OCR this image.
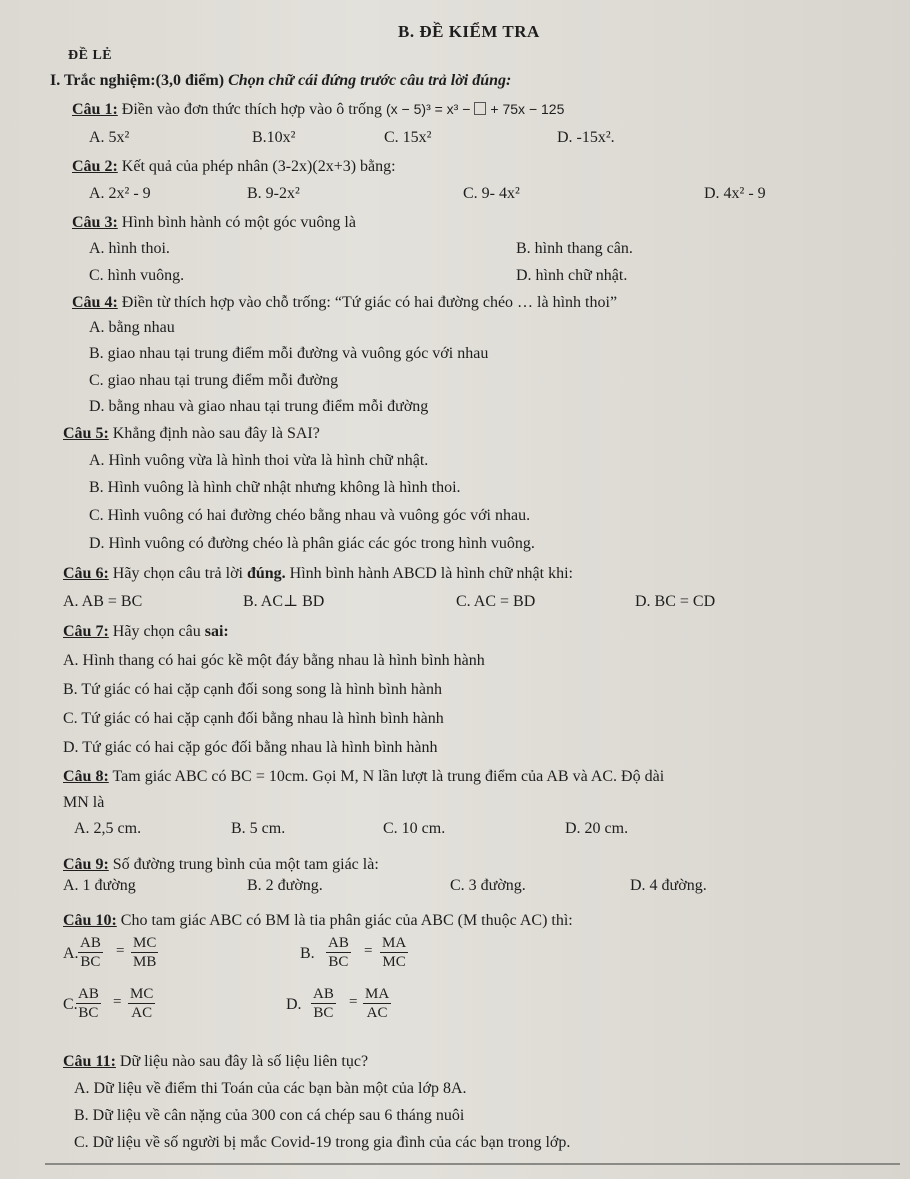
B. ĐỀ KIỂM TRA
ĐỀ LẺ
I. Trắc nghiệm:(3,0 điểm) Chọn chữ cái đứng trước câu trả lời đúng:
Câu 1: Điền vào đơn thức thích hợp vào ô trống (x − 5)³ = x³ − + 75x − 125
A. 5x²	B.10x²	C. 15x²	D. -15x².
Câu 2: Kết quả của phép nhân (3-2x)(2x+3) bằng:
A. 2x² - 9	B. 9-2x²	C. 9- 4x²	D. 4x² - 9
Câu 3: Hình bình hành có một góc vuông là
A. hình thoi.	B. hình thang cân.
C. hình vuông.	D. hình chữ nhật.
Câu 4: Điền từ thích hợp vào chỗ trống: “Tứ giác có hai đường chéo … là hình thoi”
A. bằng nhau
B. giao nhau tại trung điểm mỗi đường và vuông góc với nhau
C. giao nhau tại trung điểm mỗi đường
D. bằng nhau và giao nhau tại trung điểm mỗi đường
Câu 5: Khẳng định nào sau đây là SAI?
A. Hình vuông vừa là hình thoi vừa là hình chữ nhật.
B. Hình vuông là hình chữ nhật nhưng không là hình thoi.
C. Hình vuông có hai đường chéo bằng nhau và vuông góc với nhau.
D. Hình vuông có đường chéo là phân giác các góc trong hình vuông.
Câu 6: Hãy chọn câu trả lời đúng. Hình bình hành ABCD là hình chữ nhật khi:
A. AB = BC	B. AC⊥ BD	C. AC = BD	D. BC = CD
Câu 7: Hãy chọn câu sai:
A. Hình thang có hai góc kề một đáy bằng nhau là hình bình hành
B. Tứ giác có hai cặp cạnh đối song song là hình bình hành
C. Tứ giác có hai cặp cạnh đối bằng nhau là hình bình hành
D. Tứ giác có hai cặp góc đối bằng nhau là hình bình hành
Câu 8: Tam giác ABC có BC = 10cm. Gọi M, N lần lượt là trung điểm của AB và AC. Độ dài
MN là
A. 2,5 cm.	B. 5 cm.	C. 10 cm.	D. 20 cm.
Câu 9: Số đường trung bình của một tam giác là:
A. 1 đường	B. 2 đường.	C. 3 đường.	D. 4 đường.
Câu 10: Cho tam giác ABC có BM là tia phân giác của ABC (M thuộc AC) thì:
A. $\frac{AB}{BC} = \frac{MC}{MB}$	B. $\frac{AB}{BC} = \frac{MA}{MC}$
C.
$\frac{AB}{BC} = \frac{MC}{AC}$	D. $\frac{AB}{BC} = \frac{MA}{AC}$
Câu 11: Dữ liệu nào sau đây là số liệu liên tục?
A. Dữ liệu về điểm thi Toán của các bạn bàn một của lớp 8A.
B. Dữ liệu về cân nặng của 300 con cá chép sau 6 tháng nuôi
C. Dữ liệu về số người bị mắc Covid-19 trong gia đình của các bạn trong lớp.
